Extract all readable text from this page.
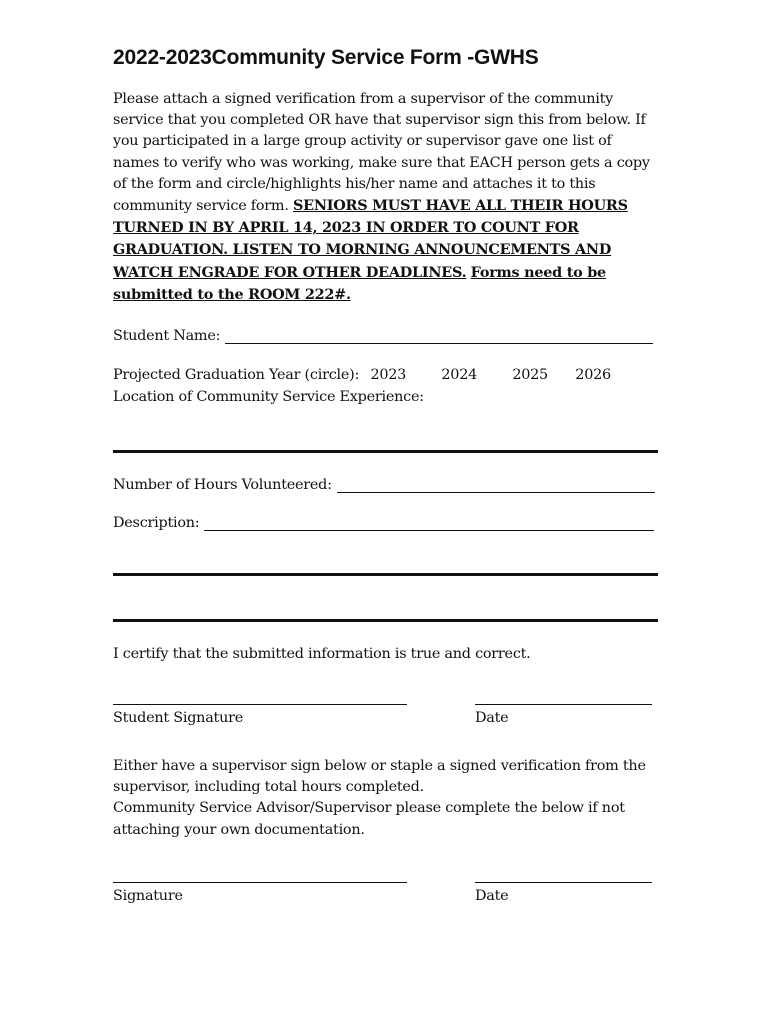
2022-2023Community Service Form -GWHS

Please attach a signed verification from a supervisor of the community service that you completed OR have that supervisor sign this from below. If you participated in a large group activity or supervisor gave one list of names to verify who was working, make sure that EACH person gets a copy of the form and circle/highlights his/her name and attaches it to this community service form. SENIORS MUST HAVE ALL THEIR HOURS TURNED IN BY APRIL 14, 2023 IN ORDER TO COUNT FOR GRADUATION. LISTEN TO MORNING ANNOUNCEMENTS AND WATCH ENGRADE FOR OTHER DEADLINES. Forms need to be submitted to the ROOM 222#.

Student Name:
Projected Graduation Year (circle): 2023 2024 2025 2026
Location of Community Service Experience:
Number of Hours Volunteered:
Description:
I certify that the submitted information is true and correct.
Student Signature	Date
Either have a supervisor sign below or staple a signed verification from the supervisor, including total hours completed.
Community Service Advisor/Supervisor please complete the below if not attaching your own documentation.
Signature	Date
